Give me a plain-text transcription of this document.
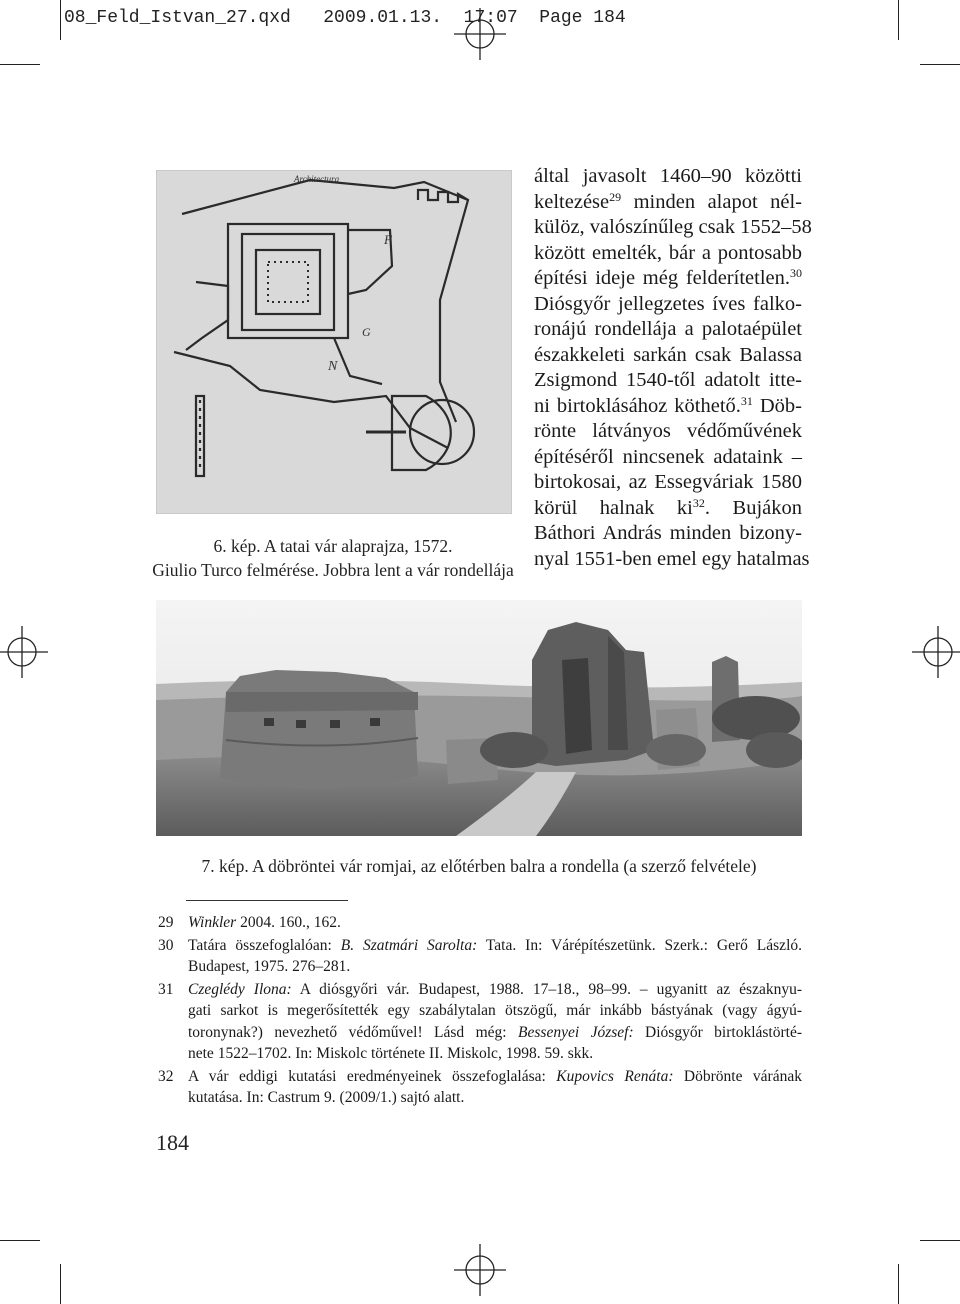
08_Feld_Istvan_27.qxd   2009.01.13.  17:07  Page 184
Architectura
F
N
G
6. kép. A tatai vár alaprajza, 1572.
Giulio Turco felmérése. Jobbra lent a vár rondellája
által javasolt 1460–90 közötti
keltezése$^{29}$ minden alapot nél-
külöz, valószínűleg csak 1552–58
között emelték, bár a pontosabb
építési ideje még felderítetlen.$^{30}$
Diósgyőr jellegzetes íves falko-
ronájú rondellája a palotaépület
északkeleti sarkán csak Balassa
Zsigmond 1540-től adatolt itte-
ni birtoklásához köthető.$^{31}$ Döb-
rönte látványos védőművének
építéséről nincsenek adataink –
birtokosai, az Essegváriak 1580
körül halnak $ki^{32}$. Bujákon
Báthori András minden bizony-
nyal 1551-ben emel egy hatalmas
7. kép. A döbröntei vár romjai, az előtérben balra a rondella (a szerző felvétele)
29 Winkler 2004. 160., 162.
30 Tatára összefoglalóan: B. Szatmári Sarolta: Tata. In: Várépítészetünk. Szerk.: Gerő László.
Budapest, 1975. 276–281.
31 Czeglédy Ilona: A diósgyőri vár. Budapest, 1988. 17–18., 98–99. – ugyanitt az északnyu-
gati sarkot is megerősítették egy szabálytalan ötszögű, már inkább bástyának (vagy ágyú-
toronynak?) nevezhető védőművel! Lásd még: Bessenyei József: Diósgyőr birtoklástörté-
nete 1522–1702. In: Miskolc története II. Miskolc, 1998. 59. skk.
32 A vár eddigi kutatási eredményeinek összefoglalása: Kupovics Renáta: Döbrönte várának
kutatása. In: Castrum 9. (2009/1.) sajtó alatt.
184
